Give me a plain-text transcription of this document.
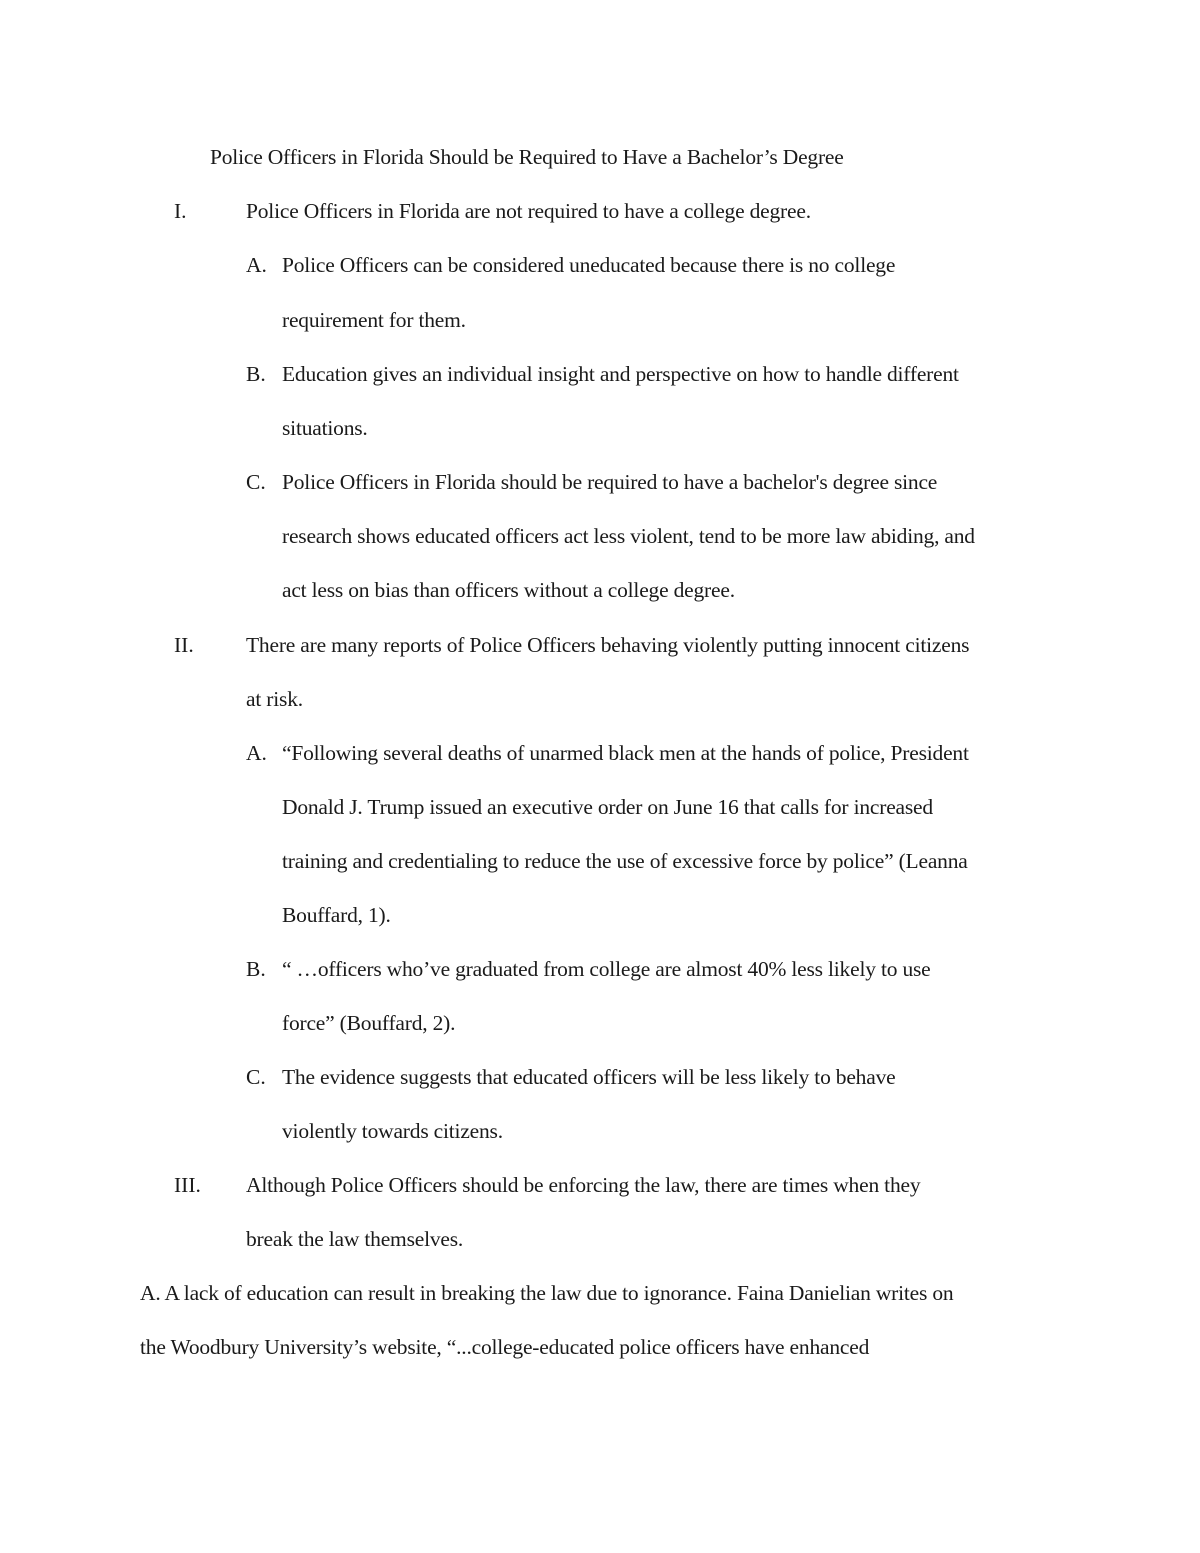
Police Officers in Florida Should be Required to Have a Bachelor’s Degree
I.	Police Officers in Florida are not required to have a college degree.
A. Police Officers can be considered uneducated because there is no college
requirement for them.
B. Education gives an individual insight and perspective on how to handle different
situations.
C. Police Officers in Florida should be required to have a bachelor's degree since
research shows educated officers act less violent, tend to be more law abiding, and
act less on bias than officers without a college degree.
II. There are many reports of Police Officers behaving violently putting innocent citizens
at risk.
A. “Following several deaths of unarmed black men at the hands of police, President
Donald J. Trump issued an executive order on June 16 that calls for increased
training and credentialing to reduce the use of excessive force by police” (Leanna
Bouffard, 1).
B. “ …officers who’ve graduated from college are almost 40% less likely to use
force” (Bouffard, 2).
C. The evidence suggests that educated officers will be less likely to behave
violently towards citizens.
III. Although Police Officers should be enforcing the law, there are times when they
break the law themselves.
A. A lack of education can result in breaking the law due to ignorance. Faina Danielian writes on
the Woodbury University’s website, “...college-educated police officers have enhanced
